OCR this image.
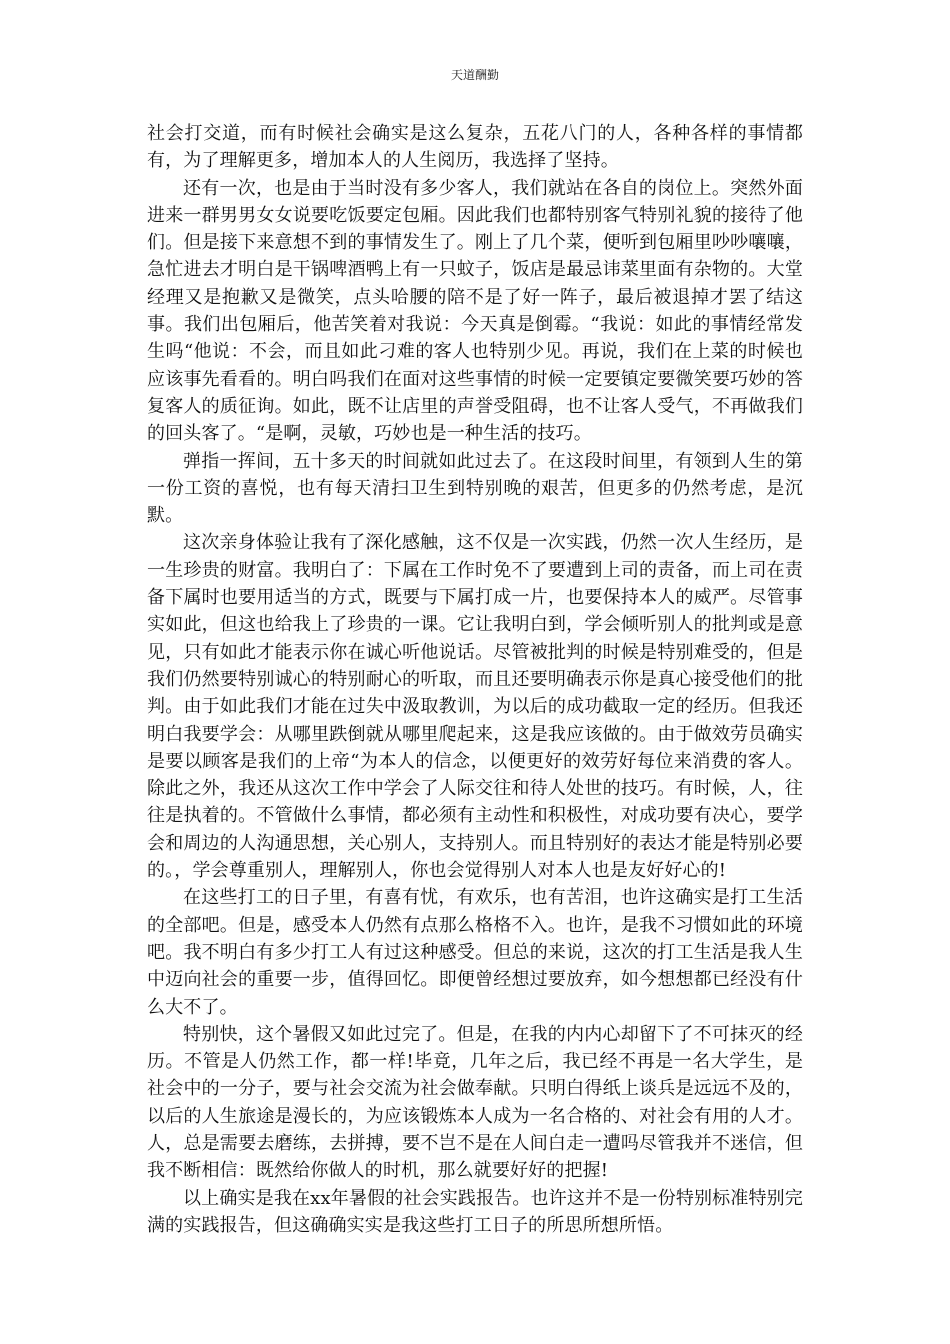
天道酬勤

社会打交道，而有时候社会确实是这么复杂，五花八门的人，各种各样的事情都有，为了理解更多，增加本人的人生阅历，我选择了坚持。

还有一次，也是由于当时没有多少客人，我们就站在各自的岗位上。突然外面进来一群男男女女说要吃饭要定包厢。因此我们也都特别客气特别礼貌的接待了他们。但是接下来意想不到的事情发生了。刚上了几个菜，便听到包厢里吵吵嚷嚷，急忙进去才明白是干锅啤酒鸭上有一只蚊子，饭店是最忌讳菜里面有杂物的。大堂经理又是抱歉又是微笑，点头哈腰的陪不是了好一阵子，最后被退掉才罢了结这事。我们出包厢后，他苦笑着对我说：今天真是倒霉。“我说：如此的事情经常发生吗“他说：不会，而且如此刁难的客人也特别少见。再说，我们在上菜的时候也应该事先看看的。明白吗我们在面对这些事情的时候一定要镇定要微笑要巧妙的答复客人的质征询。如此，既不让店里的声誉受阻碍，也不让客人受气，不再做我们的回头客了。“是啊，灵敏，巧妙也是一种生活的技巧。

弹指一挥间，五十多天的时间就如此过去了。在这段时间里，有领到人生的第一份工资的喜悦，也有每天清扫卫生到特别晚的艰苦，但更多的仍然考虑，是沉默。

这次亲身体验让我有了深化感触，这不仅是一次实践，仍然一次人生经历，是一生珍贵的财富。我明白了：下属在工作时免不了要遭到上司的责备，而上司在责备下属时也要用适当的方式，既要与下属打成一片，也要保持本人的威严。尽管事实如此，但这也给我上了珍贵的一课。它让我明白到，学会倾听别人的批判或是意见，只有如此才能表示你在诚心听他说话。尽管被批判的时候是特别难受的，但是我们仍然要特别诚心的特别耐心的听取，而且还要明确表示你是真心接受他们的批判。由于如此我们才能在过失中汲取教训，为以后的成功截取一定的经历。但我还明白我要学会：从哪里跌倒就从哪里爬起来，这是我应该做的。由于做效劳员确实是要以顾客是我们的上帝“为本人的信念，以便更好的效劳好每位来消费的客人。除此之外，我还从这次工作中学会了人际交往和待人处世的技巧。有时候，人，往往是执着的。不管做什么事情，都必须有主动性和积极性，对成功要有决心，要学会和周边的人沟通思想，关心别人，支持别人。而且特别好的表达才能是特别必要的。，学会尊重别人，理解别人，你也会觉得别人对本人也是友好好心的!

在这些打工的日子里，有喜有忧，有欢乐，也有苦泪，也许这确实是打工生活的全部吧。但是，感受本人仍然有点那么格格不入。也许，是我不习惯如此的环境吧。我不明白有多少打工人有过这种感受。但总的来说，这次的打工生活是我人生中迈向社会的重要一步，值得回忆。即便曾经想过要放弃，如今想想都已经没有什么大不了。

特别快，这个暑假又如此过完了。但是，在我的内内心却留下了不可抹灭的经历。不管是人仍然工作，都一样!毕竟，几年之后，我已经不再是一名大学生，是社会中的一分子，要与社会交流为社会做奉献。只明白得纸上谈兵是远远不及的，以后的人生旅途是漫长的，为应该锻炼本人成为一名合格的、对社会有用的人才。人，总是需要去磨练，去拼搏，要不岂不是在人间白走一遭吗尽管我并不迷信，但我不断相信：既然给你做人的时机，那么就要好好的把握!

以上确实是我在xx年暑假的社会实践报告。也许这并不是一份特别标准特别完满的实践报告，但这确确实实是我这些打工日子的所思所想所悟。
